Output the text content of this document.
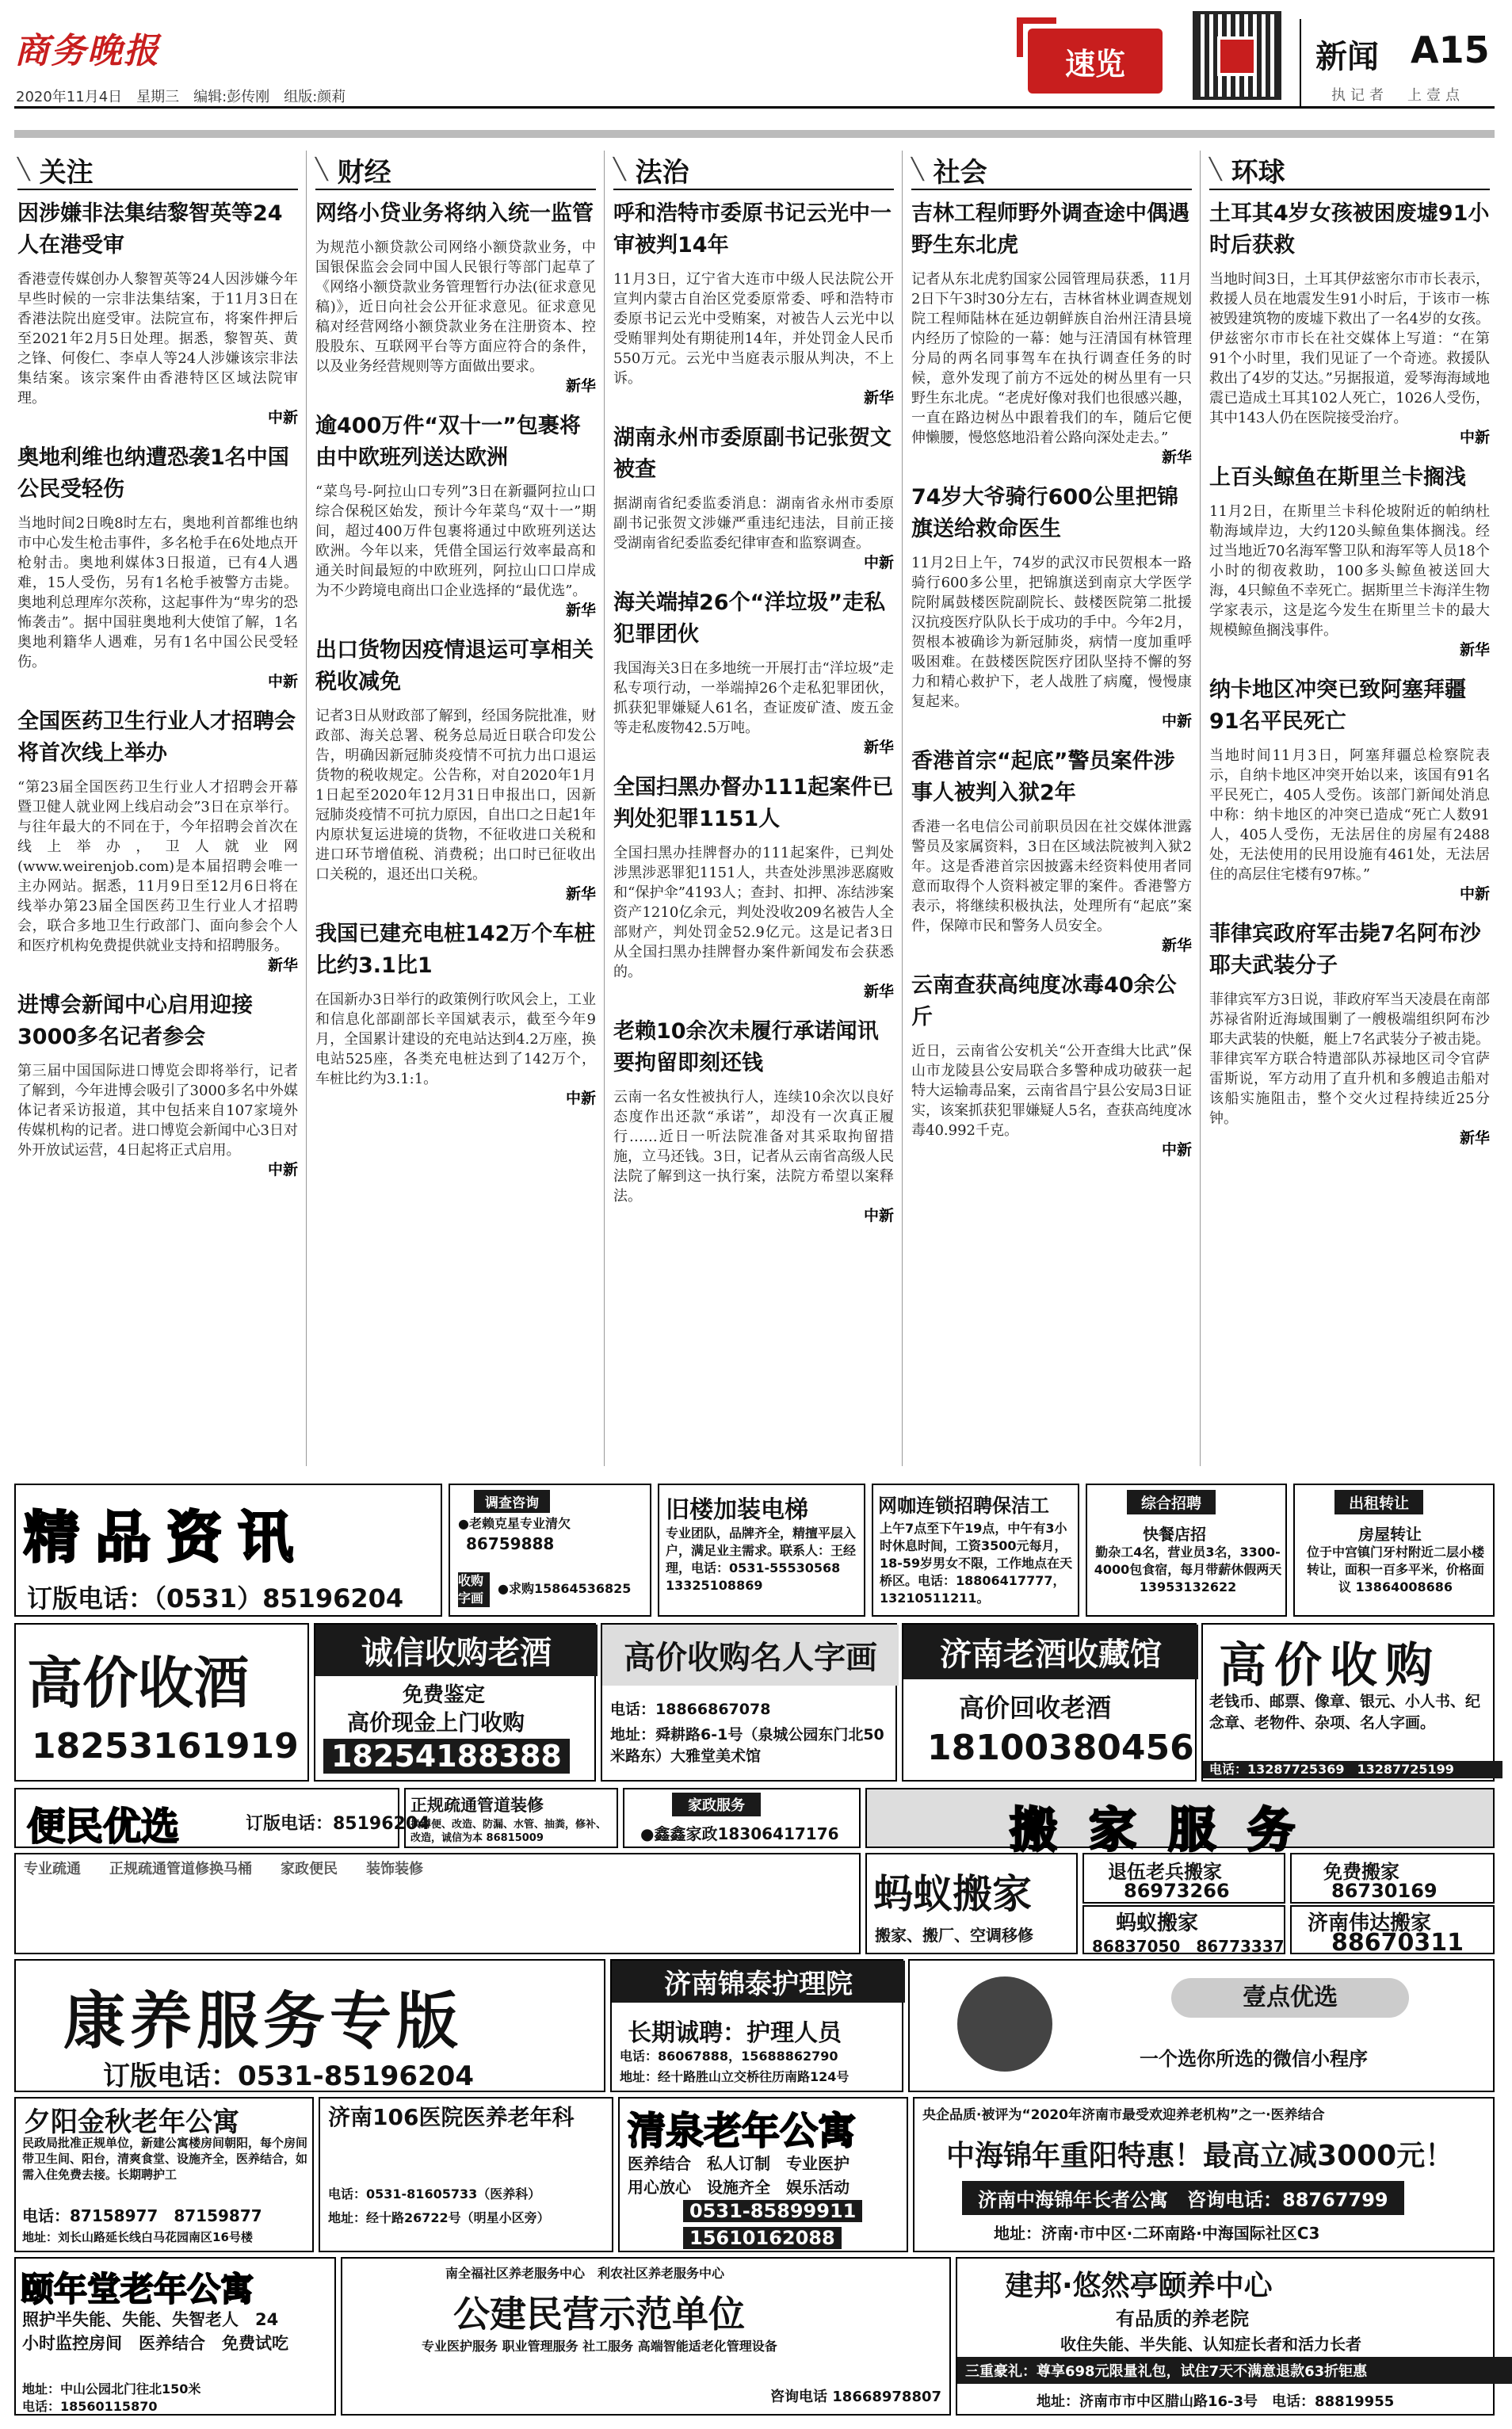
商务晚报
2020年11月4日　星期三　编辑:彭传刚　组版:颜莉
速览	新闻 A15
执记者　上壹点
╲ 关注
因涉嫌非法集结黎智英等24人在港受审

香港壹传媒创办人黎智英等24人因涉嫌今年早些时候的一宗非法集结案，于11月3日在香港法院出庭受审。法院宣布，将案件押后至2021年2月5日处理。据悉，黎智英、黄之锋、何俊仁、李卓人等24人涉嫌该宗非法集结案。该宗案件由香港特区区域法院审理。
中新

奥地利维也纳遭恐袭1名中国公民受轻伤

当地时间2日晚8时左右，奥地利首都维也纳市中心发生枪击事件，多名枪手在6处地点开枪射击。奥地利媒体3日报道，已有4人遇难，15人受伤，另有1名枪手被警方击毙。奥地利总理库尔茨称，这起事件为“卑劣的恐怖袭击”。据中国驻奥地利大使馆了解，1名奥地利籍华人遇难，另有1名中国公民受轻伤。
中新

全国医药卫生行业人才招聘会将首次线上举办

“第23届全国医药卫生行业人才招聘会开幕暨卫健人就业网上线启动会”3日在京举行。与往年最大的不同在于，今年招聘会首次在线上举办，卫人就业网(www.weirenjob.com)是本届招聘会唯一主办网站。据悉，11月9日至12月6日将在线举办第23届全国医药卫生行业人才招聘会，联合多地卫生行政部门、面向参会个人和医疗机构免费提供就业支持和招聘服务。
新华

进博会新闻中心启用迎接3000多名记者参会

第三届中国国际进口博览会即将举行，记者了解到，今年进博会吸引了3000多名中外媒体记者采访报道，其中包括来自107家境外传媒机构的记者。进口博览会新闻中心3日对外开放试运营，4日起将正式启用。
中新

╲ 财经
网络小贷业务将纳入统一监管

为规范小额贷款公司网络小额贷款业务，中国银保监会会同中国人民银行等部门起草了《网络小额贷款业务管理暂行办法(征求意见稿)》，近日向社会公开征求意见。征求意见稿对经营网络小额贷款业务在注册资本、控股股东、互联网平台等方面应符合的条件，以及业务经营规则等方面做出要求。
新华

逾400万件“双十一”包裹将由中欧班列送达欧洲

“菜鸟号-阿拉山口专列”3日在新疆阿拉山口综合保税区始发，预计今年菜鸟“双十一”期间，超过400万件包裹将通过中欧班列送达欧洲。今年以来，凭借全国运行效率最高和通关时间最短的中欧班列，阿拉山口口岸成为不少跨境电商出口企业选择的“最优选”。
新华

出口货物因疫情退运可享相关税收减免

记者3日从财政部了解到，经国务院批准，财政部、海关总署、税务总局近日联合印发公告，明确因新冠肺炎疫情不可抗力出口退运货物的税收规定。公告称，对自2020年1月1日起至2020年12月31日申报出口，因新冠肺炎疫情不可抗力原因，自出口之日起1年内原状复运进境的货物，不征收进口关税和进口环节增值税、消费税；出口时已征收出口关税的，退还出口关税。
新华

我国已建充电桩142万个车桩比约3.1比1

在国新办3日举行的政策例行吹风会上，工业和信息化部副部长辛国斌表示，截至今年9月，全国累计建设的充电站达到4.2万座，换电站525座，各类充电桩达到了142万个，车桩比约为3.1:1。
中新

╲ 法治
呼和浩特市委原书记云光中一审被判14年

11月3日，辽宁省大连市中级人民法院公开宣判内蒙古自治区党委原常委、呼和浩特市委原书记云光中受贿案，对被告人云光中以受贿罪判处有期徒刑14年，并处罚金人民币550万元。云光中当庭表示服从判决，不上诉。
新华

湖南永州市委原副书记张贺文被查

据湖南省纪委监委消息：湖南省永州市委原副书记张贺文涉嫌严重违纪违法，目前正接受湖南省纪委监委纪律审查和监察调查。
中新

海关端掉26个“洋垃圾”走私犯罪团伙

我国海关3日在多地统一开展打击“洋垃圾”走私专项行动，一举端掉26个走私犯罪团伙，抓获犯罪嫌疑人61名，查证废矿渣、废五金等走私废物42.5万吨。
新华

全国扫黑办督办111起案件已判处犯罪1151人

全国扫黑办挂牌督办的111起案件，已判处涉黑涉恶罪犯1151人，共查处涉黑涉恶腐败和“保护伞”4193人；查封、扣押、冻结涉案资产1210亿余元，判处没收209名被告人全部财产，判处罚金52.9亿元。这是记者3日从全国扫黑办挂牌督办案件新闻发布会获悉的。
新华

老赖10余次未履行承诺闻讯要拘留即刻还钱

云南一名女性被执行人，连续10余次以良好态度作出还款“承诺”，却没有一次真正履行……近日一听法院准备对其采取拘留措施，立马还钱。3日，记者从云南省高级人民法院了解到这一执行案，法院方希望以案释法。
中新

╲ 社会
吉林工程师野外调查途中偶遇野生东北虎

记者从东北虎豹国家公园管理局获悉，11月2日下午3时30分左右，吉林省林业调查规划院工程师陆林在延边朝鲜族自治州汪清县境内经历了惊险的一幕：她与汪清国有林管理分局的两名同事驾车在执行调查任务的时候，意外发现了前方不远处的树丛里有一只野生东北虎。“老虎好像对我们也很感兴趣，一直在路边树丛中跟着我们的车，随后它便伸懒腰，慢悠悠地沿着公路向深处走去。”
新华

74岁大爷骑行600公里把锦旗送给救命医生

11月2日上午，74岁的武汉市民贺根本一路骑行600多公里，把锦旗送到南京大学医学院附属鼓楼医院副院长、鼓楼医院第二批援汉抗疫医疗队队长于成功的手中。今年2月，贺根本被确诊为新冠肺炎，病情一度加重呼吸困难。在鼓楼医院医疗团队坚持不懈的努力和精心救护下，老人战胜了病魔，慢慢康复起来。
中新

香港首宗“起底”警员案件涉事人被判入狱2年

香港一名电信公司前职员因在社交媒体泄露警员及家属资料，3日在区域法院被判入狱2年。这是香港首宗因披露未经资料使用者同意而取得个人资料被定罪的案件。香港警方表示，将继续积极执法，处理所有“起底”案件，保障市民和警务人员安全。
新华

云南查获高纯度冰毒40余公斤

近日，云南省公安机关“公开查缉大比武”保山市龙陵县公安局联合多警种成功破获一起特大运输毒品案，云南省昌宁县公安局3日证实，该案抓获犯罪嫌疑人5名，查获高纯度冰毒40.992千克。
中新

╲ 环球
土耳其4岁女孩被困废墟91小时后获救

当地时间3日，土耳其伊兹密尔市市长表示，救援人员在地震发生91小时后，于该市一栋被毁建筑物的废墟下救出了一名4岁的女孩。伊兹密尔市市长在社交媒体上写道：“在第91个小时里，我们见证了一个奇迹。救援队救出了4岁的艾达。”另据报道，爱琴海海域地震已造成土耳其102人死亡，1026人受伤，其中143人仍在医院接受治疗。
中新

上百头鲸鱼在斯里兰卡搁浅

11月2日，在斯里兰卡科伦坡附近的帕纳杜勒海域岸边，大约120头鲸鱼集体搁浅。经过当地近70名海军警卫队和海军等人员18个小时的彻夜救助，100多头鲸鱼被送回大海，4只鲸鱼不幸死亡。据斯里兰卡海洋生物学家表示，这是迄今发生在斯里兰卡的最大规模鲸鱼搁浅事件。
新华

纳卡地区冲突已致阿塞拜疆91名平民死亡

当地时间11月3日，阿塞拜疆总检察院表示，自纳卡地区冲突开始以来，该国有91名平民死亡，405人受伤。该部门新闻处消息中称：纳卡地区的冲突已造成“死亡人数91人，405人受伤，无法居住的房屋有2488处，无法使用的民用设施有461处，无法居住的高层住宅楼有97栋。”
中新

菲律宾政府军击毙7名阿布沙耶夫武装分子

菲律宾军方3日说，菲政府军当天凌晨在南部苏禄省附近海域围剿了一艘极端组织阿布沙耶夫武装的快艇，艇上7名武装分子被击毙。菲律宾军方联合特遣部队苏禄地区司令官萨雷斯说，军方动用了直升机和多艘追击船对该船实施阻击，整个交火过程持续近25分钟。
新华

精品资讯
订版电话：（0531）85196204
调查咨询
●老赖克星专业清欠
86759888
收购字画
●求购15864536825
旧楼加装电梯
专业团队，品牌齐全，精擅平层入户，满足业主需求。联系人：王经理，电话：0531-55530568 13325108869
网咖连锁招聘保洁工
上午7点至下午19点，中午有3小时休息时间，工资3500元每月，18-59岁男女不限，工作地点在天桥区。电话：18806417777，13210511211。
综合招聘
快餐店招
勤杂工4名，营业员3名，3300-4000包食宿，每月带薪休假两天13953132622
出租转让
房屋转让
位于中宫镇门牙村附近二层小楼转让，面积一百多平米，价格面议 13864008686
高价收酒
18253161919
诚信收购老酒
免费鉴定
高价现金上门收购
18254188388
高价收购名人字画
电话：18866867078
地址：舜耕路6-1号（泉城公园东门北50米路东）大雅堂美术馆
济南老酒收藏馆
高价回收老酒
18100380456
高价收购
老钱币、邮票、像章、银元、小人书、纪念章、老物件、杂项、名人字画。
电话：13287725369　13287725199
便民优选	订版电话：85196204
正规疏通管道装修
换蹲便、改造、防漏、水管、抽粪，修补、改造，诚信为本 86815009
家政服务
●鑫鑫家政18306417176	搬家服务
专业疏通　　正规疏通管道修换马桶　　家政便民　　装饰装修
蚂蚁搬家
搬家、搬厂、空调移修
退伍老兵搬家
86973266
免费搬家
86730169
蚂蚁搬家
86837050　86773337
济南伟达搬家
88670311
康养服务专版
订版电话：0531-85196204
济南锦泰护理院
长期诚聘：护理人员
电话：86067888，15688862790
地址：经十路胜山立交桥往历南路124号
壹点优选
一个选你所选的微信小程序
夕阳金秋老年公寓
民政局批准正规单位，新建公寓楼房间朝阳，每个房间带卫生间、阳台，清爽食堂、设施齐全，医养结合，如需入住免费去接。长期聘护工
电话：87158977　87159877
地址：刘长山路延长线白马花园南区16号楼
济南106医院医养老年科
电话：0531-81605733（医养科）
地址：经十路26722号（明星小区旁）
清泉老年公寓
医养结合　私人订制　专业医护
用心放心　设施齐全　娱乐活动
0531-85899911
15610162088
央企品质·被评为“2020年济南市最受欢迎养老机构”之一·医养结合
中海锦年重阳特惠！最高立减3000元！
济南中海锦年长者公寓　咨询电话：88767799
地址：济南·市中区·二环南路·中海国际社区C3
颐年堂老年公寓
照护半失能、失能、失智老人　24小时监控房间　医养结合　免费试吃
地址：中山公园北门往北150米
电话：18560115870
南全福社区养老服务中心　利农社区养老服务中心
公建民营示范单位
专业医护服务 职业管理服务 社工服务 高端智能适老化管理设备
咨询电话 18668978807
建邦·悠然亭颐养中心
有品质的养老院
收住失能、半失能、认知症长者和活力长者
三重豪礼：尊享698元限量礼包，试住7天不满意退款63折钜惠
地址：济南市市中区腊山路16-3号　电话：88819955
